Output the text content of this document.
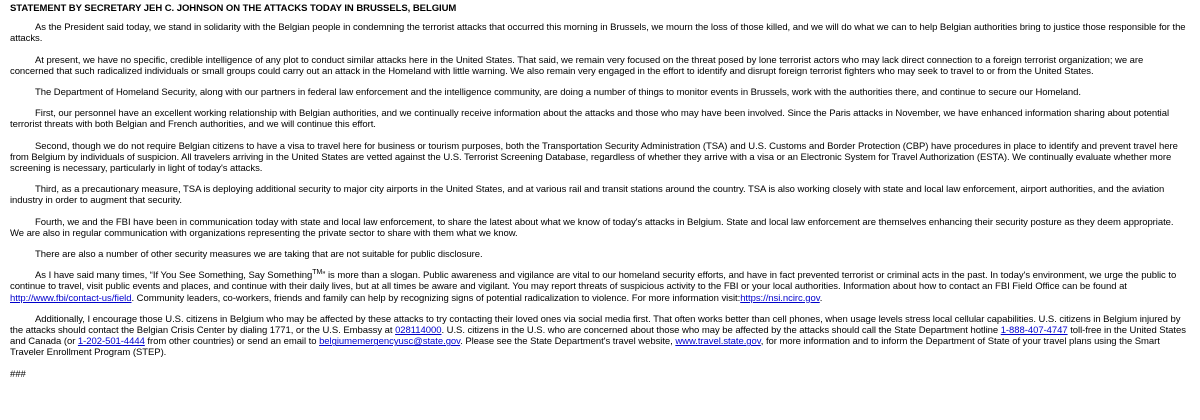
STATEMENT BY SECRETARY JEH C. JOHNSON ON THE ATTACKS TODAY IN BRUSSELS, BELGIUM

As the President said today, we stand in solidarity with the Belgian people in condemning the terrorist attacks that occurred this morning in Brussels, we mourn the loss of those killed, and we will do what we can to help Belgian authorities bring to justice those responsible for the attacks.

At present, we have no specific, credible intelligence of any plot to conduct similar attacks here in the United States. That said, we remain very focused on the threat posed by lone terrorist actors who may lack direct connection to a foreign terrorist organization; we are concerned that such radicalized individuals or small groups could carry out an attack in the Homeland with little warning. We also remain very engaged in the effort to identify and disrupt foreign terrorist fighters who may seek to travel to or from the United States.

The Department of Homeland Security, along with our partners in federal law enforcement and the intelligence community, are doing a number of things to monitor events in Brussels, work with the authorities there, and continue to secure our Homeland.

First, our personnel have an excellent working relationship with Belgian authorities, and we continually receive information about the attacks and those who may have been involved. Since the Paris attacks in November, we have enhanced information sharing about potential terrorist threats with both Belgian and French authorities, and we will continue this effort.

Second, though we do not require Belgian citizens to have a visa to travel here for business or tourism purposes, both the Transportation Security Administration (TSA) and U.S. Customs and Border Protection (CBP) have procedures in place to identify and prevent travel here from Belgium by individuals of suspicion. All travelers arriving in the United States are vetted against the U.S. Terrorist Screening Database, regardless of whether they arrive with a visa or an Electronic System for Travel Authorization (ESTA). We continually evaluate whether more screening is necessary, particularly in light of today's attacks.

Third, as a precautionary measure, TSA is deploying additional security to major city airports in the United States, and at various rail and transit stations around the country. TSA is also working closely with state and local law enforcement, airport authorities, and the aviation industry in order to augment that security.

Fourth, we and the FBI have been in communication today with state and local law enforcement, to share the latest about what we know of today's attacks in Belgium. State and local law enforcement are themselves enhancing their security posture as they deem appropriate. We are also in regular communication with organizations representing the private sector to share with them what we know.

There are also a number of other security measures we are taking that are not suitable for public disclosure.

As I have said many times, “If You See Something, Say Something™” is more than a slogan. Public awareness and vigilance are vital to our homeland security efforts, and have in fact prevented terrorist or criminal acts in the past. In today's environment, we urge the public to continue to travel, visit public events and places, and continue with their daily lives, but at all times be aware and vigilant. You may report threats of suspicious activity to the FBI or your local authorities. Information about how to contact an FBI Field Office can be found at http://www.fbi/contact-us/field. Community leaders, co-workers, friends and family can help by recognizing signs of potential radicalization to violence. For more information visit:https://nsi.ncirc.gov.

Additionally, I encourage those U.S. citizens in Belgium who may be affected by these attacks to try contacting their loved ones via social media first. That often works better than cell phones, when usage levels stress local cellular capabilities. U.S. citizens in Belgium injured by the attacks should contact the Belgian Crisis Center by dialing 1771, or the U.S. Embassy at 028114000. U.S. citizens in the U.S. who are concerned about those who may be affected by the attacks should call the State Department hotline 1-888-407-4747 toll-free in the United States and Canada (or 1-202-501-4444 from other countries) or send an email to belgiumemergencyusc@state.gov. Please see the State Department's travel website, www.travel.state.gov, for more information and to inform the Department of State of your travel plans using the Smart Traveler Enrollment Program (STEP).

###
